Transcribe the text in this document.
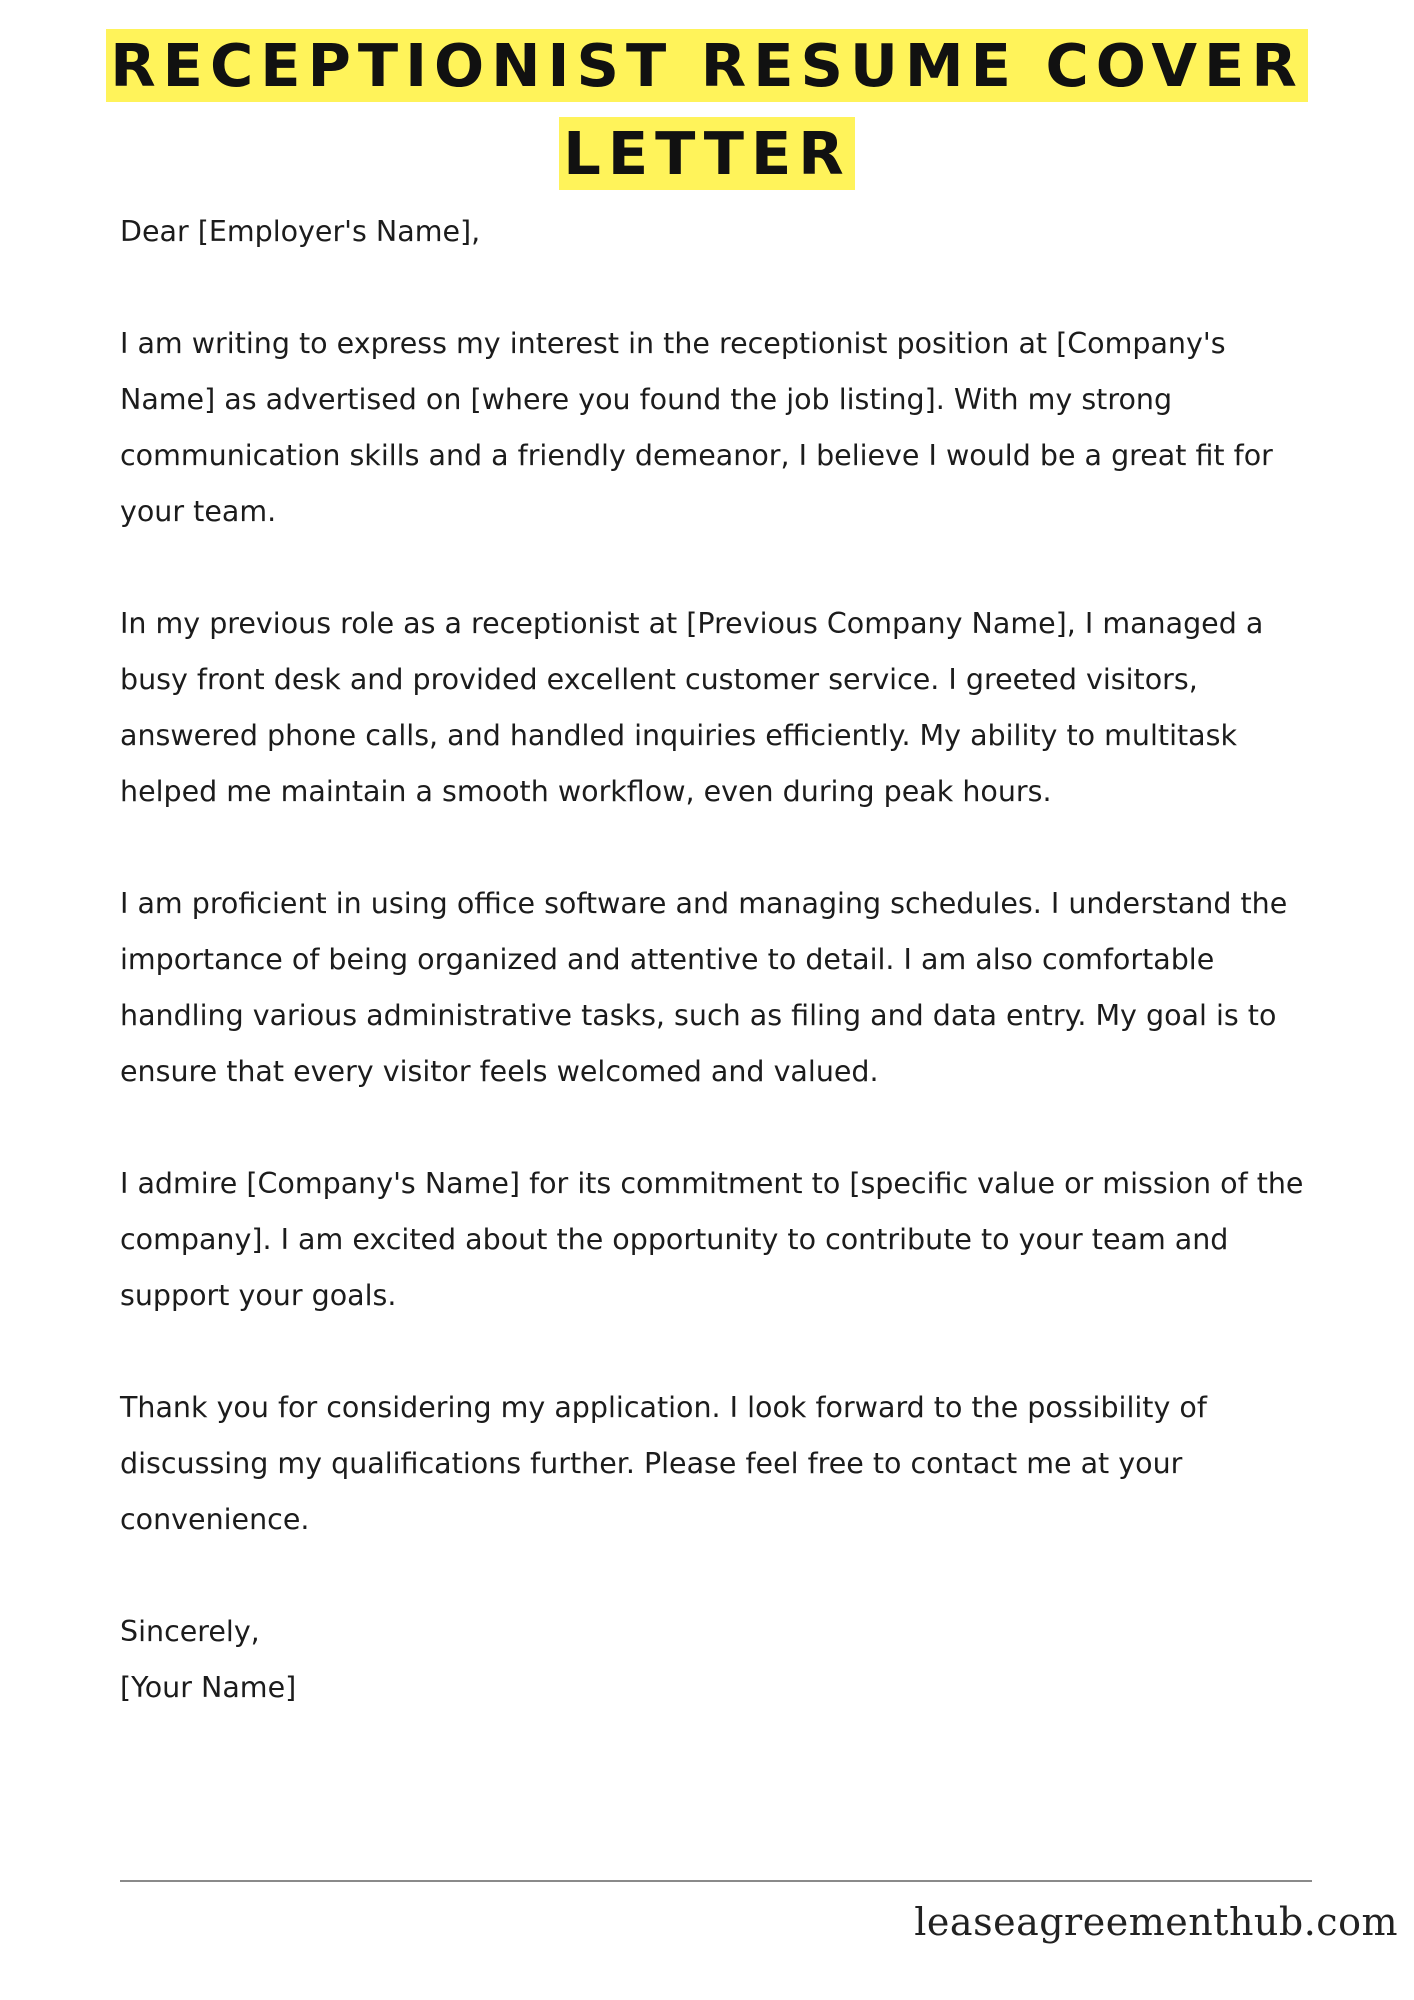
RECEPTIONIST RESUME COVER LETTER

Dear [Employer's Name],

I am writing to express my interest in the receptionist position at [Company's Name] as advertised on [where you found the job listing]. With my strong communication skills and a friendly demeanor, I believe I would be a great fit for your team.

In my previous role as a receptionist at [Previous Company Name], I managed a busy front desk and provided excellent customer service. I greeted visitors, answered phone calls, and handled inquiries efficiently. My ability to multitask helped me maintain a smooth workflow, even during peak hours.

I am proficient in using office software and managing schedules. I understand the importance of being organized and attentive to detail. I am also comfortable handling various administrative tasks, such as filing and data entry. My goal is to ensure that every visitor feels welcomed and valued.

I admire [Company's Name] for its commitment to [specific value or mission of the company]. I am excited about the opportunity to contribute to your team and support your goals.

Thank you for considering my application. I look forward to the possibility of discussing my qualifications further. Please feel free to contact me at your convenience.

Sincerely,

[Your Name]

leaseagreementhub.com
